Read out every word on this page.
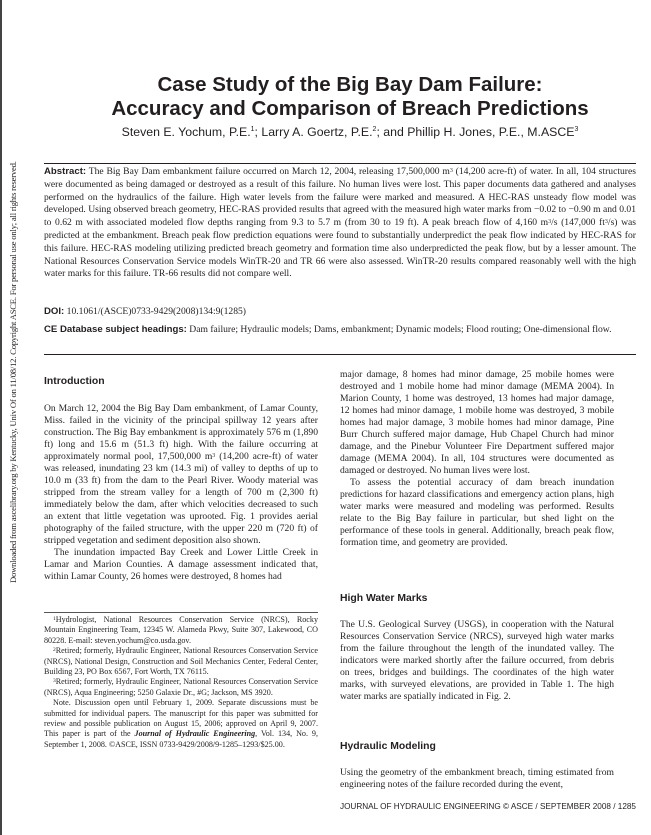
Downloaded from ascelibrary.org by Kentucky, Univ Of on 11/08/12. Copyright ASCE. For personal use only; all rights reserved.
Case Study of the Big Bay Dam Failure:
Accuracy and Comparison of Breach Predictions
Steven E. Yochum, P.E.$^1$; Larry A. Goertz, P.E.$^2$; and Phillip H. Jones, P.E., M.ASCE$^3$

Abstract: The Big Bay Dam embankment failure occurred on March 12, 2004, releasing 17,500,000 $m^3$ (14,200 acre-ft) of water. In all, 104 structures were documented as being damaged or destroyed as a result of this failure. No human lives were lost. This paper documents data gathered and analyses performed on the hydraulics of the failure. High water levels from the failure were marked and measured. A HEC-RAS unsteady flow model was developed. Using observed breach geometry, HEC-RAS provided results that agreed with the measured high water marks from −0.02 to −0.90 m and 0.01 to 0.62 m with associated modeled flow depths ranging from 9.3 to 5.7 m (from 30 to 19 ft). A peak breach flow of 4,160 $m^3/s$ (147,000 $ft^3/s$) was predicted at the embankment. Breach peak flow prediction equations were found to substantially underpredict the peak flow indicated by HEC-RAS for this failure. HEC-RAS modeling utilizing predicted breach geometry and formation time also underpredicted the peak flow, but by a lesser amount. The National Resources Conservation Service models WinTR-20 and TR 66 were also assessed. WinTR-20 results compared reasonably well with the high water marks for this failure. TR-66 results did not compare well.

DOI: 10.1061/(ASCE)0733-9429(2008)134:9(1285)
CE Database subject headings: Dam failure; Hydraulic models; Dams, embankment; Dynamic models; Flood routing; One-dimensional flow.
Introduction

On March 12, 2004 the Big Bay Dam embankment, of Lamar County, Miss. failed in the vicinity of the principal spillway 12 years after construction. The Big Bay embankment is approximately 576 m (1,890 ft) long and 15.6 m (51.3 ft) high. With the failure occurring at approximately normal pool, 17,500,000 $m^3$ (14,200 acre-ft) of water was released, inundating 23 km (14.3 mi) of valley to depths of up to 10.0 m (33 ft) from the dam to the Pearl River. Woody material was stripped from the stream valley for a length of 700 m (2,300 ft) immediately below the dam, after which velocities decreased to such an extent that little vegetation was uprooted. Fig. 1 provides aerial photography of the failed structure, with the upper 220 m (720 ft) of stripped vegetation and sediment deposition also shown.

The inundation impacted Bay Creek and Lower Little Creek in Lamar and Marion Counties. A damage assessment indicated that, within Lamar County, 26 homes were destroyed, 8 homes had

$^1$Hydrologist, National Resources Conservation Service (NRCS), Rocky Mountain Engineering Team, 12345 W. Alameda Pkwy, Suite 307, Lakewood, CO 80228. E-mail: steven.yochum@co.usda.gov.

$^2$Retired; formerly, Hydraulic Engineer, National Resources Conservation Service (NRCS), National Design, Construction and Soil Mechanics Center, Federal Center, Building 23, PO Box 6567, Fort Worth, TX 76115.

$^3$Retired; formerly, Hydraulic Engineer, National Resources Conservation Service (NRCS), Aqua Engineering; 5250 Galaxie Dr., #G; Jackson, MS 3920.

Note. Discussion open until February 1, 2009. Separate discussions must be submitted for individual papers. The manuscript for this paper was submitted for review and possible publication on August 15, 2006; approved on April 9, 2007. This paper is part of the Journal of Hydraulic Engineering, Vol. 134, No. 9, September 1, 2008. ©ASCE, ISSN 0733-9429/2008/9-1285–1293/$25.00.

major damage, 8 homes had minor damage, 25 mobile homes were destroyed and 1 mobile home had minor damage (MEMA 2004). In Marion County, 1 home was destroyed, 13 homes had major damage, 12 homes had minor damage, 1 mobile home was destroyed, 3 mobile homes had major damage, 3 mobile homes had minor damage, Pine Burr Church suffered major damage, Hub Chapel Church had minor damage, and the Pinebur Volunteer Fire Department suffered major damage (MEMA 2004). In all, 104 structures were documented as damaged or destroyed. No human lives were lost.

To assess the potential accuracy of dam breach inundation predictions for hazard classifications and emergency action plans, high water marks were measured and modeling was performed. Results relate to the Big Bay failure in particular, but shed light on the performance of these tools in general. Additionally, breach peak flow, formation time, and geometry are provided.

High Water Marks

The U.S. Geological Survey (USGS), in cooperation with the Natural Resources Conservation Service (NRCS), surveyed high water marks from the failure throughout the length of the inundated valley. The indicators were marked shortly after the failure occurred, from debris on trees, bridges and buildings. The coordinates of the high water marks, with surveyed elevations, are provided in Table 1. The high water marks are spatially indicated in Fig. 2.

Hydraulic Modeling

Using the geometry of the embankment breach, timing estimated from engineering notes of the failure recorded during the event,

JOURNAL OF HYDRAULIC ENGINEERING © ASCE / SEPTEMBER 2008 / 1285
